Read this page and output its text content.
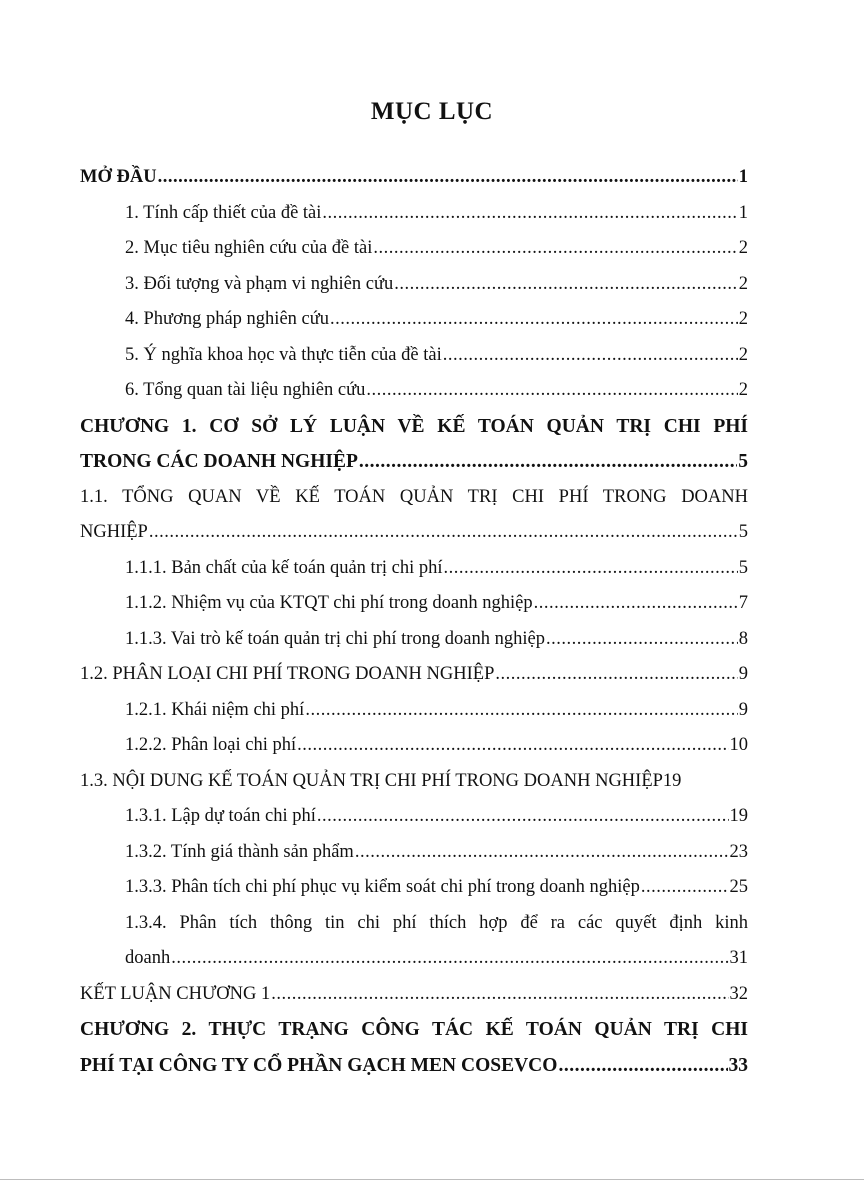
MỤC LỤC
MỞ ĐẦU .....	1
1. Tính cấp thiết của đề tài .....	1
2. Mục tiêu nghiên cứu của đề tài .....	2
3. Đối tượng và phạm vi nghiên cứu .....	2
4. Phương pháp nghiên cứu .....	2
5. Ý nghĩa khoa học và thực tiễn của đề tài .....	2
6. Tổng quan tài liệu nghiên cứu .....	2
CHƯƠNG 1. CƠ SỞ LÝ LUẬN VỀ KẾ TOÁN QUẢN TRỊ CHI PHÍ
TRONG CÁC DOANH NGHIỆP .....	5
1.1. TỔNG QUAN VỀ KẾ TOÁN QUẢN TRỊ CHI PHÍ TRONG DOANH
NGHIỆP .....	5
1.1.1. Bản chất của kế toán quản trị chi phí .....	5
1.1.2. Nhiệm vụ của KTQT chi phí trong doanh nghiệp .....	7
1.1.3. Vai trò kế toán quản trị chi phí trong doanh nghiệp .....	8
1.2. PHÂN LOẠI CHI PHÍ TRONG DOANH NGHIỆP .....	9
1.2.1. Khái niệm chi phí .....	9
1.2.2. Phân loại chi phí .....	10
1.3. NỘI DUNG KẾ TOÁN QUẢN TRỊ CHI PHÍ TRONG DOANH NGHIỆP 19
1.3.1. Lập dự toán chi phí .....	19
1.3.2. Tính giá thành sản phẩm .....	23
1.3.3. Phân tích chi phí phục vụ kiểm soát chi phí trong doanh nghiệp .....	25
1.3.4. Phân tích thông tin chi phí thích hợp để ra các quyết định kinh
doanh .....	31
KẾT LUẬN CHƯƠNG 1 .....	32
CHƯƠNG 2. THỰC TRẠNG CÔNG TÁC KẾ TOÁN QUẢN TRỊ CHI
PHÍ TẠI CÔNG TY CỔ PHẦN GẠCH MEN COSEVCO .....	33
